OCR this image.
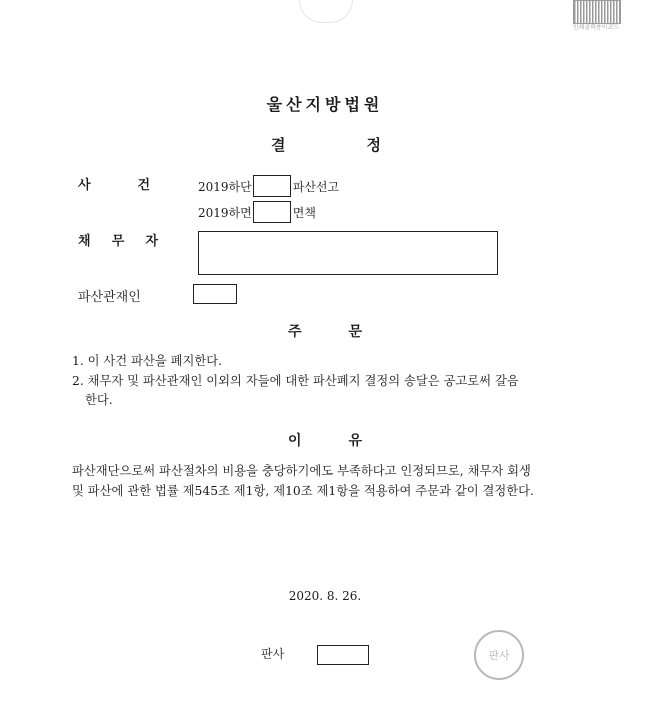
인쇄출력용이코드
울산지방법원
결	정
사	건	2019하단	파산선고
2019하면	면책
채 무 자
파산관재인
주	문
1. 이 사건 파산을 폐지한다.
2. 채무자 및 파산관재인 이외의 자들에 대한 파산폐지 결정의 송달은 공고로써 갈음
한다.
이	유
파산재단으로써 파산절차의 비용을 충당하기에도 부족하다고 인정되므로, 채무자 회생
및 파산에 관한 법률 제545조 제1항, 제10조 제1항을 적용하여 주문과 같이 결정한다.
2020. 8. 26.
판사	판사
